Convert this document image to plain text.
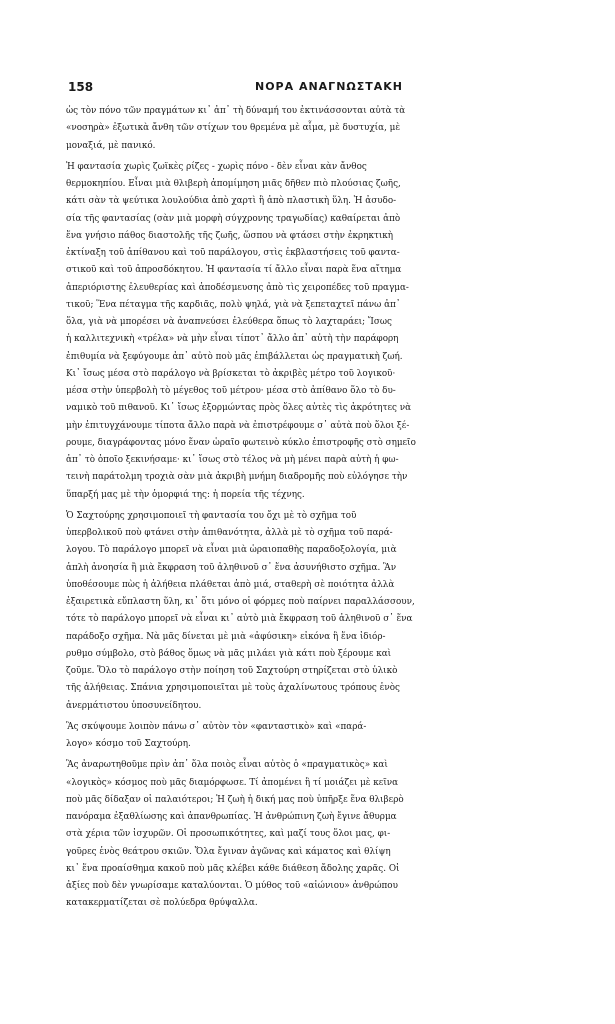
158	ΝΟΡΑ ΑΝΑΓΝΩΣΤΑΚΗ
ὡς τὸν πόνο τῶν πραγμάτων κι᾿ ἀπ᾿ τὴ δύναμή του ἐκτινάσσονται αὐτὰ τὰ
«νοσηρὰ» ἐξωτικὰ ἄνθη τῶν στίχων του θρεμένα μὲ αἷμα, μὲ δυστυχία, μὲ
μοναξιά, μὲ πανικό.
Ἡ φαντασία χωρὶς ζωϊκὲς ρίζες - χωρὶς πόνο - δὲν εἶναι κὰν ἄνθος
θερμοκηπίου. Εἶναι μιὰ θλιβερὴ ἀπομίμηση μιᾶς δῆθεν πιὸ πλούσιας ζωῆς,
κάτι σὰν τὰ ψεύτικα λουλούδια ἀπὸ χαρτὶ ἢ ἀπὸ πλαστικὴ ὕλη. Ἡ ἀσυδο-
σία τῆς φαντασίας (σὰν μιὰ μορφὴ σύγχρονης τραγωδίας) καθαίρεται ἀπὸ
ἕνα γνήσιο πάθος διαστολῆς τῆς ζωῆς, ὥσπου νὰ φτάσει στὴν ἐκρηκτικὴ
ἐκτίναξη τοῦ ἀπίθανου καὶ τοῦ παράλογου, στὶς ἐκβλαστήσεις τοῦ φαντα-
στικοῦ καὶ τοῦ ἀπροσδόκητου. Ἡ φαντασία τί ἄλλο εἶναι παρὰ ἕνα αἴτημα
ἀπεριόριστης ἐλευθερίας καὶ ἀποδέσμευσης ἀπὸ τὶς χειροπέδες τοῦ πραγμα-
τικοῦ; Ἕνα πέταγμα τῆς καρδιᾶς, πολὺ ψηλά, γιὰ νὰ ξεπεταχτεῖ πάνω ἀπ᾿
ὅλα, γιὰ νὰ μπορέσει νὰ ἀναπνεύσει ἐλεύθερα ὅπως τὸ λαχταράει; Ἴσως
ἡ καλλιτεχνικὴ «τρέλα» νὰ μὴν εἶναι τίποτ᾿ ἄλλο ἀπ᾿ αὐτὴ τὴν παράφορη
ἐπιθυμία νὰ ξεφύγουμε ἀπ᾿ αὐτὸ ποὺ μᾶς ἐπιβάλλεται ὡς πραγματικὴ ζωή.
Κι᾿ ἴσως μέσα στὸ παράλογο νὰ βρίσκεται τὸ ἀκριβὲς μέτρο τοῦ λογικοῦ·
μέσα στὴν ὑπερβολὴ τὸ μέγεθος τοῦ μέτρου· μέσα στὸ ἀπίθανο ὅλο τὸ δυ-
ναμικὸ τοῦ πιθανοῦ. Κι᾿ ἴσως ἐξορμώντας πρὸς ὅλες αὐτὲς τὶς ἀκρότητες νὰ
μὴν ἐπιτυγχάνουμε τίποτα ἄλλο παρὰ νὰ ἐπιστρέφουμε σ᾿ αὐτὰ ποὺ ὅλοι ξέ-
ρουμε, διαγράφοντας μόνο ἕναν ὡραῖο φωτεινὸ κύκλο ἐπιστροφῆς στὸ σημεῖο
ἀπ᾿ τὸ ὁποῖο ξεκινήσαμε· κι᾿ ἴσως στὸ τέλος νὰ μὴ μένει παρὰ αὐτὴ ἡ φω-
τεινὴ παράτολμη τροχιὰ σὰν μιὰ ἀκριβὴ μνήμη διαδρομῆς ποὺ εὐλόγησε τὴν
ὕπαρξή μας μὲ τὴν ὁμορφιά της: ἡ πορεία τῆς τέχνης.
Ὁ Σαχτούρης χρησιμοποιεῖ τὴ φαντασία του ὄχι μὲ τὸ σχῆμα τοῦ
ὑπερβολικοῦ ποὺ φτάνει στὴν ἀπιθανότητα, ἀλλὰ μὲ τὸ σχῆμα τοῦ παρά-
λογου. Τὸ παράλογο μπορεῖ νὰ εἶναι μιὰ ὡραιοπαθὴς παραδοξολογία, μιὰ
ἁπλὴ ἀνοησία ἢ μιὰ ἔκφραση τοῦ ἀληθινοῦ σ᾿ ἕνα ἀσυνήθιστο σχῆμα. Ἂν
ὑποθέσουμε πὼς ἡ ἀλήθεια πλάθεται ἀπὸ μιά, σταθερὴ σὲ ποιότητα ἀλλὰ
ἐξαιρετικὰ εὔπλαστη ὕλη, κι᾿ ὅτι μόνο οἱ φόρμες ποὺ παίρνει παραλλάσσουν,
τότε τὸ παράλογο μπορεῖ νὰ εἶναι κι᾿ αὐτὸ μιὰ ἔκφραση τοῦ ἀληθινοῦ σ᾿ ἕνα
παράδοξο σχῆμα. Νὰ μᾶς δίνεται μὲ μιὰ «ἀφύσικη» εἰκόνα ἢ ἕνα ἰδιόρ-
ρυθμο σύμβολο, στὸ βάθος ὅμως νὰ μᾶς μιλάει γιὰ κάτι ποὺ ξέρουμε καὶ
ζοῦμε. Ὅλο τὸ παράλογο στὴν ποίηση τοῦ Σαχτούρη στηρίζεται στὸ ὑλικὸ
τῆς ἀλήθειας. Σπάνια χρησιμοποιεῖται μὲ τοὺς ἀχαλίνωτους τρόπους ἑνὸς
ἀνερμάτιστου ὑποσυνείδητου.
Ἂς σκύψουμε λοιπὸν πάνω σ᾿ αὐτὸν τὸν «φανταστικὸ» καὶ «παρά-
λογο» κόσμο τοῦ Σαχτούρη.
Ἂς ἀναρωτηθοῦμε πρὶν ἀπ᾿ ὅλα ποιὸς εἶναι αὐτὸς ὁ «πραγματικὸς» καὶ
«λογικὸς» κόσμος ποὺ μᾶς διαμόρφωσε. Τί ἀπομένει ἢ τί μοιάζει μὲ κεῖνα
ποὺ μᾶς δίδαξαν οἱ παλαιότεροι; Ἡ ζωὴ ἡ δική μας ποὺ ὑπῆρξε ἕνα θλιβερὸ
πανόραμα ἐξαθλίωσης καὶ ἀπανθρωπίας. Ἡ ἀνθρώπινη ζωὴ ἔγινε ἄθυρμα
στὰ χέρια τῶν ἰσχυρῶν. Οἱ προσωπικότητες, καὶ μαζί τους ὅλοι μας, φι-
γοῦρες ἑνὸς θεάτρου σκιῶν. Ὅλα ἔγιναν ἀγῶνας καὶ κάματος καὶ θλίψη
κι᾿ ἕνα προαίσθημα κακοῦ ποὺ μᾶς κλέβει κάθε διάθεση ἄδολης χαρᾶς. Οἱ
ἀξίες ποὺ δὲν γνωρίσαμε καταλύονται. Ὁ μύθος τοῦ «αἰώνιου» ἀνθρώπου
κατακερματίζεται σὲ πολύεδρα θρύψαλλα.
